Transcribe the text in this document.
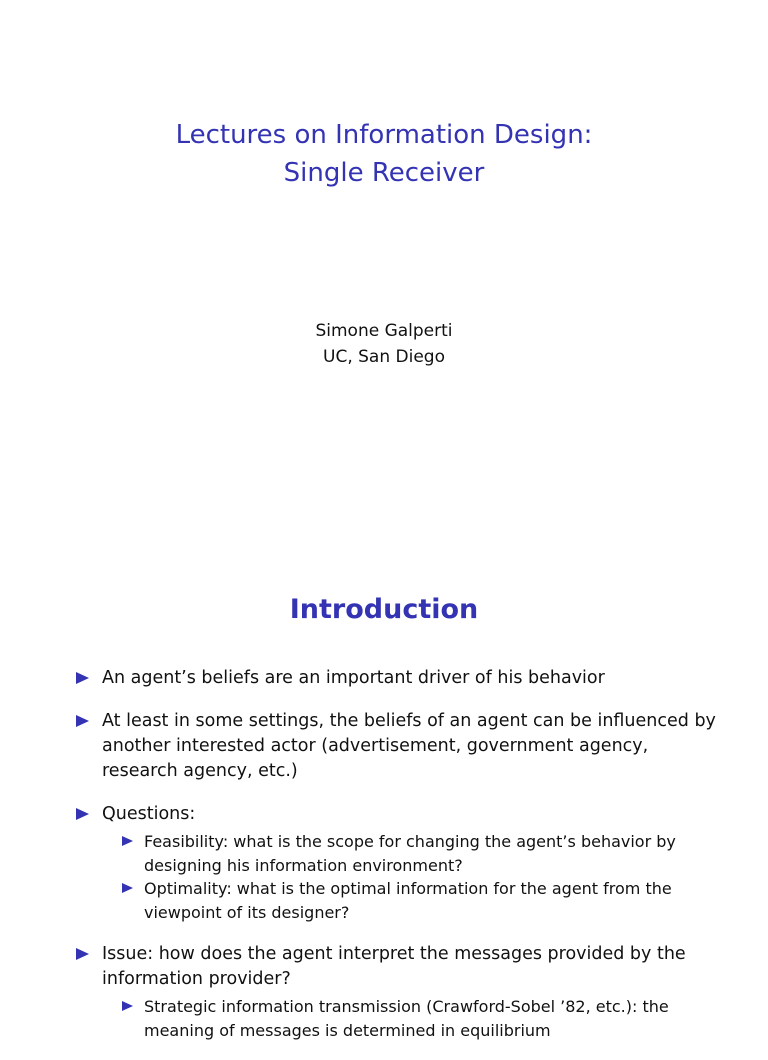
Lectures on Information Design:
Single Receiver
Simone Galperti
UC, San Diego
Introduction
An agent’s beliefs are an important driver of his behavior
At least in some settings, the beliefs of an agent can be influenced by another interested actor (advertisement, government agency, research agency, etc.)
Questions:
Feasibility: what is the scope for changing the agent’s behavior by designing his information environment?
Optimality: what is the optimal information for the agent from the viewpoint of its designer?
Issue: how does the agent interpret the messages provided by the information provider?
Strategic information transmission (Crawford-Sobel ’82, etc.): the meaning of messages is determined in equilibrium
